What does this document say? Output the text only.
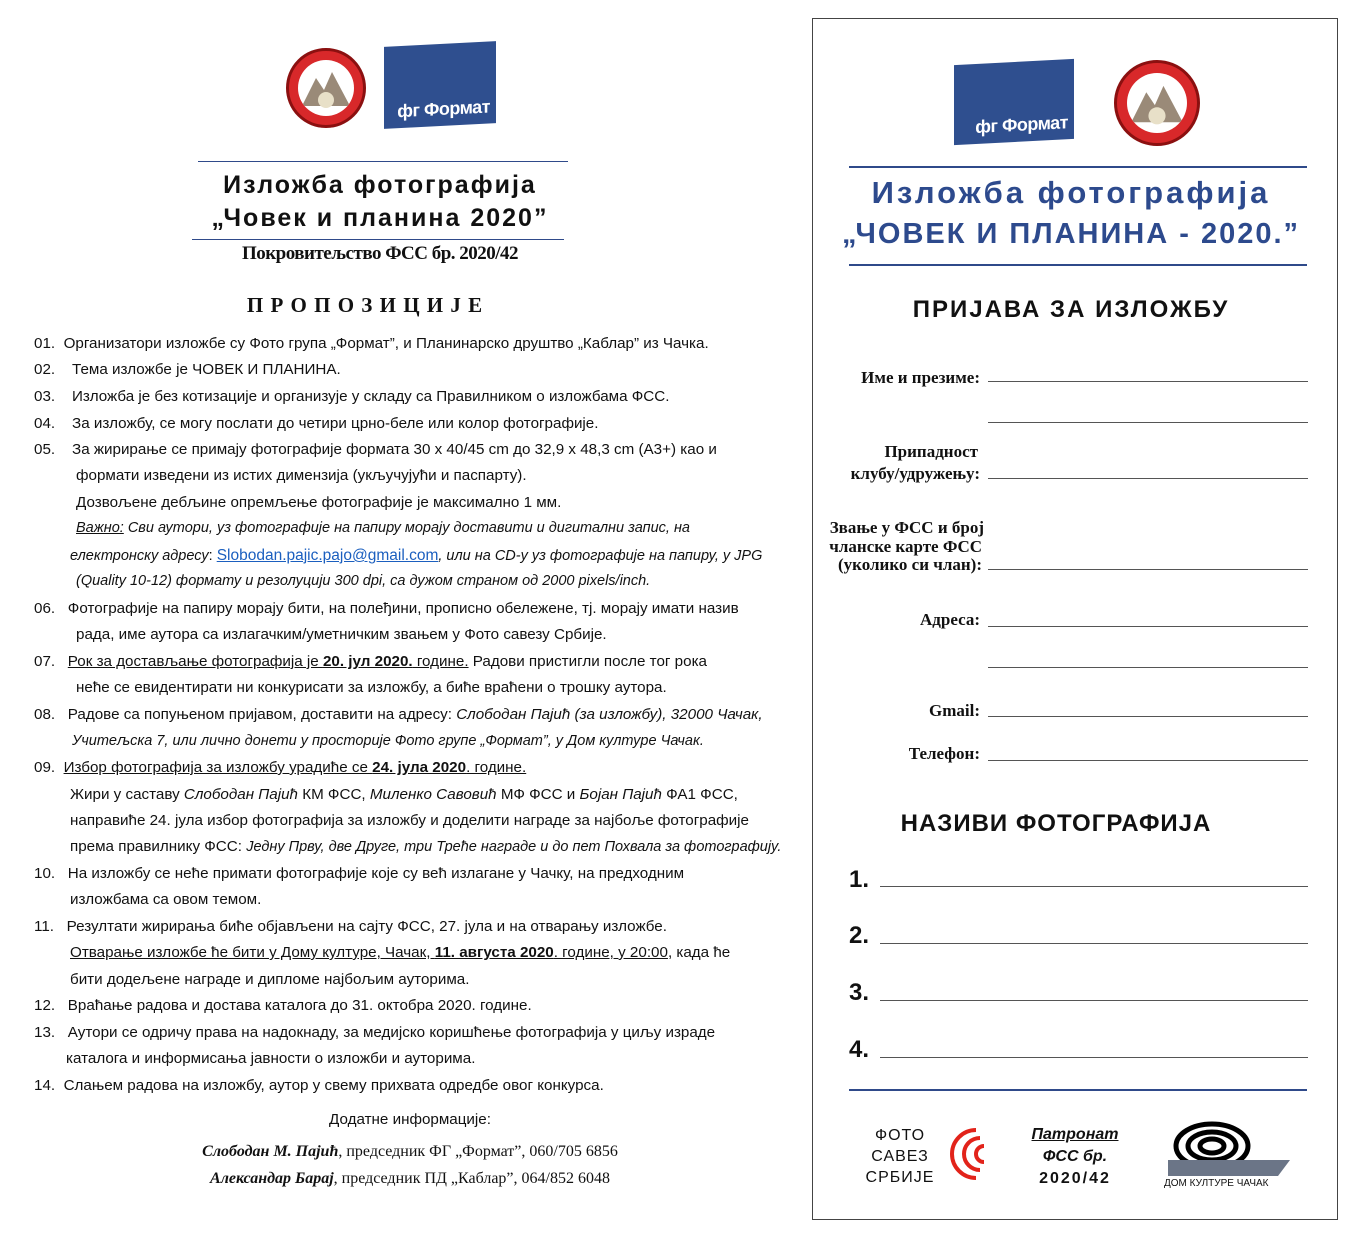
фг Формат
Изложба фотографија
„Човек и планина 2020”
Покровитељство ФСС бр. 2020/42
П Р О П О З И Ц И Ј Е
01. Организатори изложбе су Фото група „Формат”, и Планинарско друштво „Каблар” из Чачка.
02. Тема изложбе је ЧОВЕК И ПЛАНИНА.
03. Изложба је без котизације и организује у складу са Правилником о изложбама ФСС.
04. За изложбу, се могу послати до четири црно-беле или колор фотографије.
05. За жирирање се примају фотографије формата 30 x 40/45 cm до 32,9 x 48,3 cm (А3+) као и
формати изведени из истих димензија (укључујући и паспарту).
Дозвољене дебљине опремљење фотографије је максимално 1 мм.
Важно: Сви аутори, уз фотографије на папиру морају доставити и дигитални запис, на
електронску адресу: Slobodan.pajic.pajo@gmail.com, или на CD-у уз фотографије на папиру, у JPG
(Quality 10-12) формату и резолуцији 300 dpi, са дужом страном од 2000 pixels/inch.
06. Фотографије на папиру морају бити, на полеђини, прописно обележене, тј. морају имати назив
рада, име аутора са излагачким/уметничким звањем у Фото савезу Србије.
07. Рок за достављање фотографија је 20. јул 2020. године. Радови пристигли после тог рока
неће се евидентирати ни конкурисати за изложбу, а биће враћени о трошку аутора.
08. Радове са попуњеном пријавом, доставити на адресу: Слободан Пајић (за изложбу), 32000 Чачак,
Учитељска 7, или лично донети у просторије Фото групе „Формат”, у Дом културе Чачак.
09. Избор фотографија за изложбу урадиће се 24. јула 2020. године.
Жири у саставу Слободан Пајић КМ ФСС, Миленко Савовић МФ ФСС и Бојан Пајић ФА1 ФСС,
направиће 24. јула избор фотографија за изложбу и доделити награде за најбоље фотографије
према правилнику ФСС: Једну Прву, две Друге, три Треће награде и до пет Похвала за фотографију.
10. На изложбу се неће примати фотографије које су већ излагане у Чачку, на предходним
изложбама са овом темом.
11. Резултати жирирања биће објављени на сајту ФСС, 27. јула и на отварању изложбе.
Отварање изложбе ће бити у Дому културе, Чачак, 11. августа 2020. године, у 20:00, када ће
бити додељене награде и дипломе најбољим ауторима.
12. Враћање радова и достава каталога до 31. октобра 2020. године.
13. Аутори се одричу права на надокнаду, за медијско коришћење фотографија у циљу израде
каталога и информисања јавности о изложби и ауторима.
14. Слањем радова на изложбу, аутор у свему прихвата одредбе овог конкурса.
Додатне информације:
Слободан М. Пајић, председник ФГ „Формат”, 060/705 6856
Александар Барај, председник ПД „Каблар”, 064/852 6048
фг Формат
Изложба фотографија
„ЧОВЕК И ПЛАНИНА - 2020.”
ПРИЈАВА ЗА ИЗЛОЖБУ
Име и презиме:
Припадност
клубу/удружењу:
Звање у ФСС и број
чланске карте ФСС
(уколико си члан):
Адреса:
Gmail:
Телефон:
НАЗИВИ ФОТОГРАФИЈА
1.
2.
3.
4.
ФОТО
САВЕЗ
СРБИЈЕ
Патронат
ФСС бр.
2020/42	ДОМ КУЛТУРЕ ЧАЧАК
